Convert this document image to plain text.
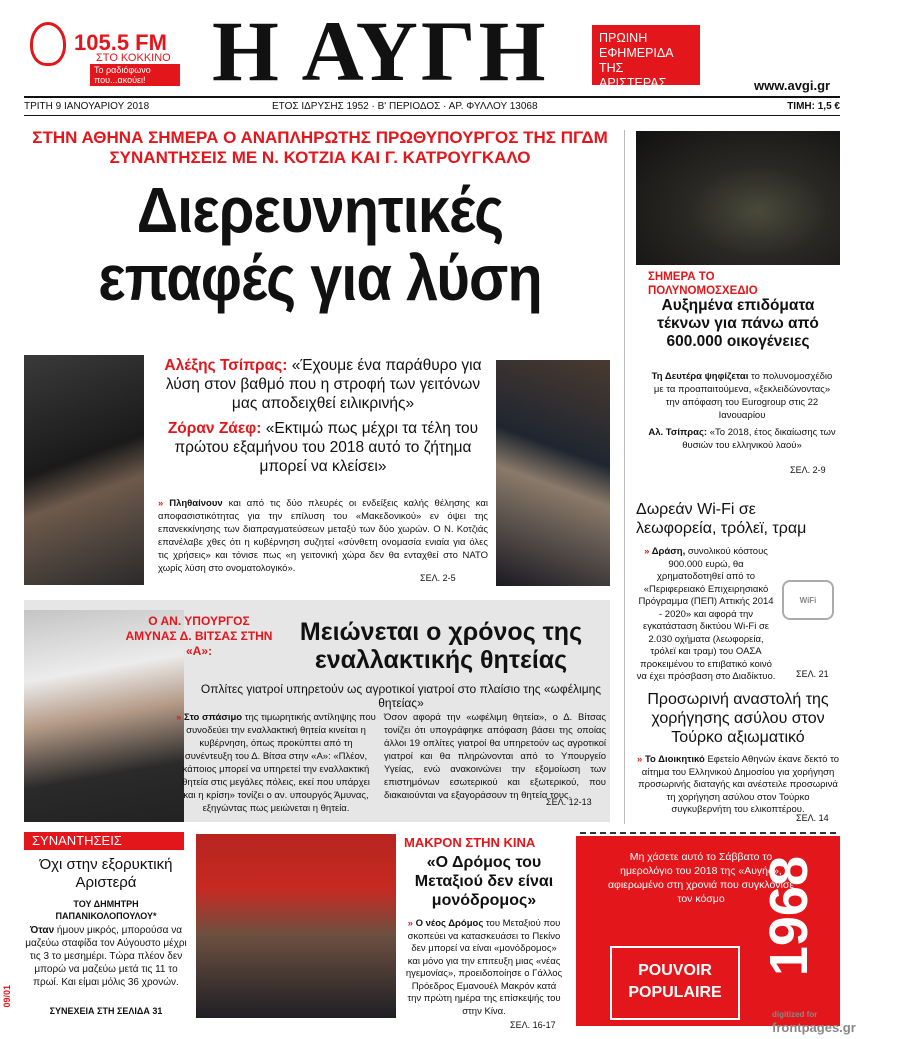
105.5 FM
ΣΤΟ ΚΟΚΚΙΝΟ
Το ραδιόφωνο που...ακούει! Η ΑΥΓΗ	ΠΡΩΙΝΗ ΕΦΗΜΕΡΙΔΑ ΤΗΣ ΑΡΙΣΤΕΡΑΣ	www.avgi.gr
ΤΡΙΤΗ 9 ΙΑΝΟΥΑΡΙΟΥ 2018	ΕΤΟΣ ΙΔΡΥΣΗΣ 1952 · Β' ΠΕΡΙΟΔΟΣ · ΑΡ. ΦΥΛΛΟΥ 13068	ΤΙΜΗ: 1,5 €
ΣΤΗΝ ΑΘΗΝΑ ΣΗΜΕΡΑ Ο ΑΝΑΠΛΗΡΩΤΗΣ ΠΡΩΘΥΠΟΥΡΓΟΣ ΤΗΣ ΠΓΔΜ ΣΥΝΑΝΤΗΣΕΙΣ ΜΕ Ν. ΚΟΤΖΙΑ ΚΑΙ Γ. ΚΑΤΡΟΥΓΚΑΛΟ
Διερευνητικές επαφές για λύση

Αλέξης Τσίπρας: «Έχουμε ένα παράθυρο για λύση στον βαθμό που η στροφή των γειτόνων μας αποδειχθεί ειλικρινής»

Ζόραν Ζάεφ: «Εκτιμώ πως μέχρι τα τέλη του πρώτου εξαμήνου του 2018 αυτό το ζήτημα μπορεί να κλείσει»

» Πληθαίνουν και από τις δύο πλευρές οι ενδείξεις καλής θέλησης και αποφασιστικότητας για την επίλυση του «Μακεδονικού» εν όψει της επανεκκίνησης των διαπραγματεύσεων μεταξύ των δύο χωρών. Ο Ν. Κοτζιάς επανέλαβε χθες ότι η κυβέρνηση συζητεί «σύνθετη ονομασία ενιαία για όλες τις χρήσεις» και τόνισε πως «η γειτονική χώρα δεν θα ενταχθεί στο ΝΑΤΟ χωρίς λύση στο ονοματολογικό».
ΣΕΛ. 2-5
Ο ΑΝ. ΥΠΟΥΡΓΟΣ ΑΜΥΝΑΣ Δ. ΒΙΤΣΑΣ ΣΤΗΝ «Α»:
Μειώνεται ο χρόνος της εναλλακτικής θητείας
Οπλίτες γιατροί υπηρετούν ως αγροτικοί γιατροί στο πλαίσιο της «ωφέλιμης θητείας»
» Στο σπάσιμο της τιμωρητικής αντίληψης που συνοδεύει την εναλλακτική θητεία κινείται η κυβέρνηση, όπως προκύπτει από τη συνέντευξη του Δ. Βίτσα στην «Α»: «Πλέον, κάποιος μπορεί να υπηρετεί την εναλλακτική θητεία στις μεγάλες πόλεις, εκεί που υπάρχει και η κρίση» τονίζει ο αν. υπουργός Άμυνας, εξηγώντας πως μειώνεται η θητεία.
Όσον αφορά την «ωφέλιμη θητεία», ο Δ. Βίτσας τονίζει ότι υπογράφηκε απόφαση βάσει της οποίας άλλοι 19 οπλίτες γιατροί θα υπηρετούν ως αγροτικοί γιατροί και θα πληρώνονται από το Υπουργείο Υγείας, ενώ ανακοινώνει την εξομοίωση των επιστημόνων εσωτερικού και εξωτερικού, που διακαιούνται να εξαγοράσουν τη θητεία τους.
ΣΕΛ. 12-13
ΣΥΝΑΝΤΗΣΕΙΣ
Όχι στην εξορυκτική Αριστερά
ΤΟΥ ΔΗΜΗΤΡΗ ΠΑΠΑΝΙΚΟΛΟΠΟΥΛΟΥ*
Όταν ήμουν μικρός, μπορούσα να μαζεύω σταφίδα τον Αύγουστο μέχρι τις 3 το μεσημέρι. Τώρα πλέον δεν μπορώ να μαζεύω μετά τις 11 το πρωί. Και είμαι μόλις 36 χρονών.
ΣΥΝΕΧΕΙΑ ΣΤΗ ΣΕΛΙΔΑ 31
09/01
ΜΑΚΡΟΝ ΣΤΗΝ ΚΙΝΑ
«Ο Δρόμος του Μεταξιού δεν είναι μονόδρομος»
» Ο νέος Δρόμος του Μεταξιού που σκοπεύει να κατασκευάσει το Πεκίνο δεν μπορεί να είναι «μονόδρομος» και μόνο για την επιτευξη μιας «νέας ηγεμονίας», προειδοποίησε ο Γάλλος Πρόεδρος Εμανουέλ Μακρόν κατά την πρώτη ημέρα της επίσκεψής του στην Κίνα.
ΣΕΛ. 16-17
Μη χάσετε αυτό το Σάββατο το ημερολόγιο του 2018 της «Αυγής», αφιερωμένο στη χρονιά που συγκλόνισε τον κόσμο
POUVOIR POPULAIRE
1968
ΣΗΜΕΡΑ ΤΟ ΠΟΛΥΝΟΜΟΣΧΕΔΙΟ
Αυξημένα επιδόματα τέκνων για πάνω από 600.000 οικογένειες

Τη Δευτέρα ψηφίζεται το πολυνομοσχέδιο με τα προαπαιτούμενα, «ξεκλειδώνοντας» την απόφαση του Eurogroup στις 22 Ιανουαρίου

Αλ. Τσίπρας: «Το 2018, έτος δικαίωσης των θυσιών του ελληνικού λαού»

ΣΕΛ. 2-9
Δωρεάν Wi-Fi σε λεωφορεία, τρόλεϊ, τραμ
» Δράση, συνολικού κόστους 900.000 ευρώ, θα χρηματοδοτηθεί από το «Περιφερειακό Επιχειρησιακό Πρόγραμμα (ΠΕΠ) Αττικής 2014 - 2020» και αφορά την εγκατάσταση δικτύου Wi-Fi σε 2.030 οχήματα (λεωφορεία, τρόλεϊ και τραμ) του ΟΑΣΑ προκειμένου το επιβατικό κοινό να έχει πρόσβαση στο Διαδίκτυο.
WiFi
ΣΕΛ. 21
Προσωρινή αναστολή της χορήγησης ασύλου στον Τούρκο αξιωματικό
» Το Διοικητικό Εφετείο Αθηνών έκανε δεκτό το αίτημα του Ελληνικού Δημοσίου για χορήγηση προσωρινής διαταγής και ανέστειλε προσωρινά τη χορήγηση ασύλου στον Τούρκο συγκυβερνήτη του ελικοπτέρου.
ΣΕΛ. 14
digitized for
frontpages.gr
